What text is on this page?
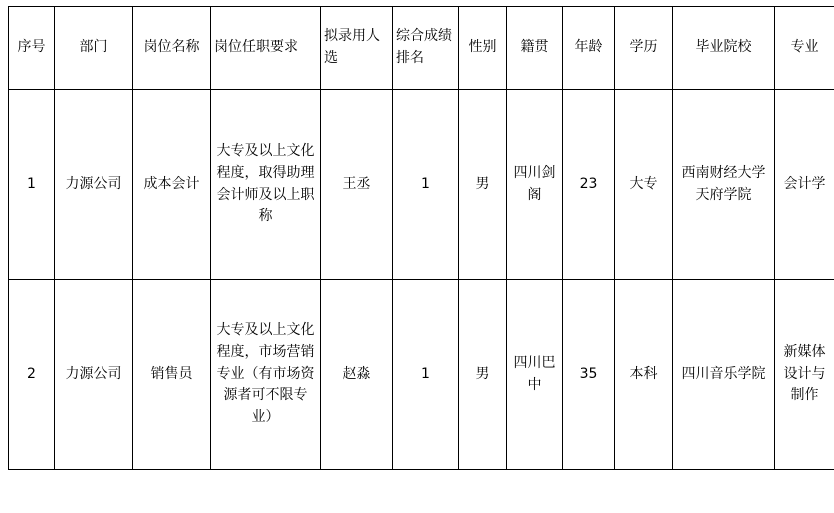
序号	部门	岗位名称	岗位任职要求	拟录用人选	综合成绩排名	性别	籍贯	年龄	学历	毕业院校	专业
1	力源公司	成本会计	大专及以上文化程度，取得助理会计师及以上职称	王丞	1	男	四川剑阁	23	大专	西南财经大学天府学院	会计学
2	力源公司	销售员	大专及以上文化程度，市场营销专业（有市场资源者可不限专业）	赵淼	1	男	四川巴中	35	本科	四川音乐学院	新媒体设计与制作
